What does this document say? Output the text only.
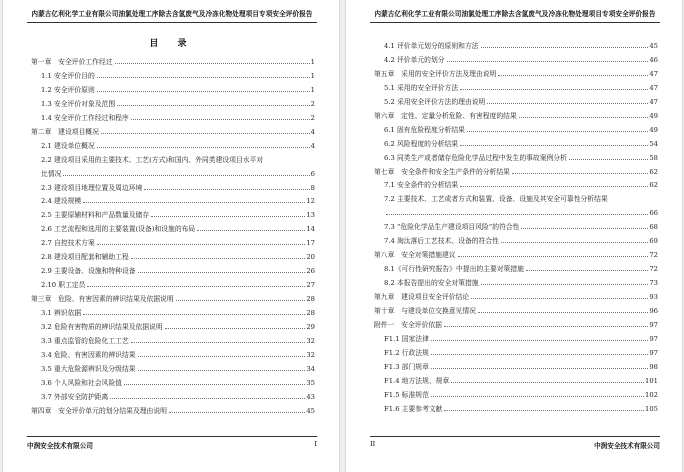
内蒙古亿利化学工业有限公司油氯处理工序除去含氢废气及冷冻化物处理项目专项安全评价报告
目 录
第一章　安全评价工作经过	1
1.1 安全评价目的	1
1.2 安全评价原则	1
1.3 安全评价对象及范围	2
1.4 安全评价工作经过和程序	2
第二章　建设项目概况	4
2.1 建设单位概况	4
2.2 建设项目采用的主要技术、工艺(方式)和国内、外同类建设项目水平对
比情况	6
2.3 建设项目地理位置及周边环境	8
2.4 建设规模	12
2.5 主要原辅材料和产品数量及储存	13
2.6 工艺流程和选用的主要装置(设备)和设施的布局	14
2.7 自控技术方案	17
2.8 建设项目配套和辅助工程	20
2.9 主要设备、设施和特种设备	26
2.10 职工定员	27
第三章　危险、有害因素的辨识结果及依据说明	28
3.1 辨识依据	28
3.2 危险有害物质的辨识结果及依据说明	29
3.3 重点监管的危险化工工艺	32
3.4 危险、有害因素的辨识结果	32
3.5 重大危险源辨识及分级结果	34
3.6 个人风险和社会风险值	35
3.7 外部安全防护距离	43
第四章　安全评价单元的划分结果及理由说明	45
中润安全技术有限公司	I
内蒙古亿利化学工业有限公司油氯处理工序除去含氢废气及冷冻化物处理项目专项安全评价报告
4.1 评价单元划分的原则和方法	45
4.2 评价单元的划分	46
第五章　采用的安全评价方法及理由说明	47
5.1 采用的安全评价方法	47
5.2 采用安全评价方法的理由说明	47
第六章　定性、定量分析危险、有害程度的结果	49
6.1 固有危险程度分析结果	49
6.2 风险程度的分析结果	54
6.3 同类生产或者储存危险化学品过程中发生的事故案例分析	58
第七章　安全条件和安全生产条件的分析结果	62
7.1 安全条件的分析结果	62
7.2 主要技术、工艺或者方式和装置、设备、设施及其安全可靠性分析结果
66
7.3 “危险化学品生产建设项目风险”的符合性	68
7.4 淘汰落后工艺技术、设备的符合性	69
第八章　安全对策措施建议	72
8.1《可行性研究报告》中提出的主要对策措施	72
8.2 本报告提出的安全对策措施	73
第九章　建设项目安全评价结论	93
第十章　与建设单位交换意见情况	96
附件一　安全评价依据	97
F1.1 国家法律	97
F1.2 行政法规	97
F1.3 部门规章	98
F1.4 地方法规、规章	101
F1.5 标准规范	102
F1.6 主要参考文献	105
II	中润安全技术有限公司
